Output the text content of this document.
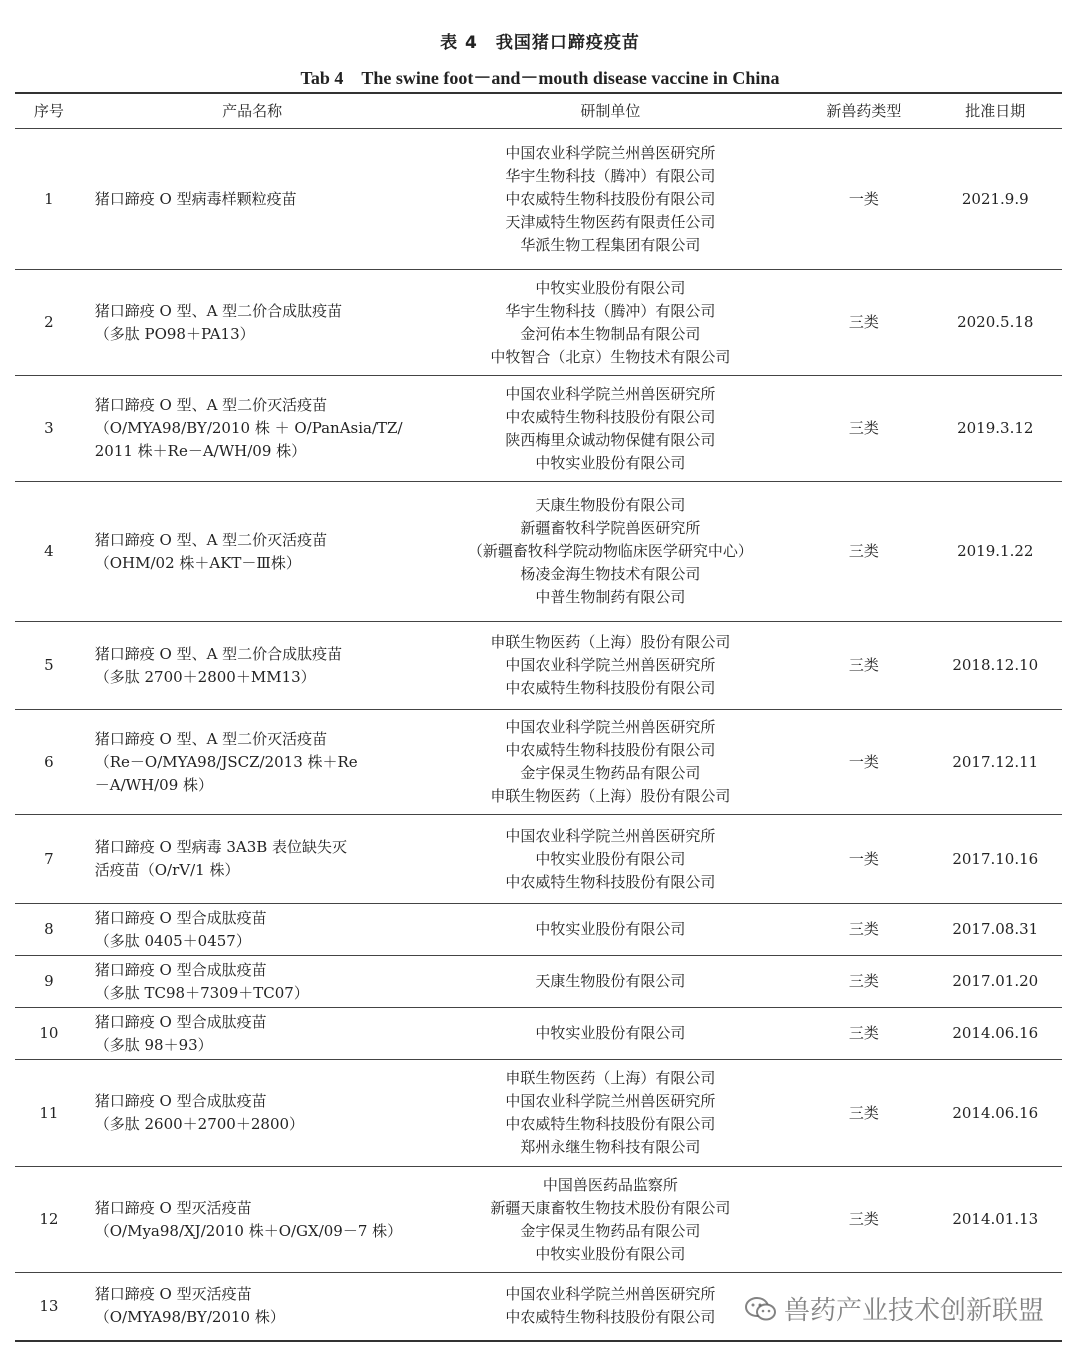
表 4　我国猪口蹄疫疫苗
Tab 4　The swine foot－and－mouth disease vaccine in China
序号	产品名称	研制单位	新兽药类型	批准日期
1	猪口蹄疫 O 型病毒样颗粒疫苗	中国农业科学院兰州兽医研究所
华宇生物科技（腾冲）有限公司
中农威特生物科技股份有限公司
天津威特生物医药有限责任公司
华派生物工程集团有限公司	一类	2021.9.9
2	猪口蹄疫 O 型、A 型二价合成肽疫苗
（多肽 PO98＋PA13）	中牧实业股份有限公司
华宇生物科技（腾冲）有限公司
金河佑本生物制品有限公司
中牧智合（北京）生物技术有限公司	三类	2020.5.18
3	猪口蹄疫 O 型、A 型二价灭活疫苗
（O/MYA98/BY/2010 株 ＋ O/PanAsia/TZ/
2011 株＋Re－A/WH/09 株）	中国农业科学院兰州兽医研究所
中农威特生物科技股份有限公司
陕西梅里众诚动物保健有限公司
中牧实业股份有限公司	三类	2019.3.12
4	猪口蹄疫 O 型、A 型二价灭活疫苗
（OHM/02 株＋AKT－Ⅲ株）	天康生物股份有限公司
新疆畜牧科学院兽医研究所
（新疆畜牧科学院动物临床医学研究中心）
杨凌金海生物技术有限公司
中普生物制药有限公司	三类	2019.1.22
5	猪口蹄疫 O 型、A 型二价合成肽疫苗
（多肽 2700＋2800＋MM13）	申联生物医药（上海）股份有限公司
中国农业科学院兰州兽医研究所
中农威特生物科技股份有限公司	三类	2018.12.10
6	猪口蹄疫 O 型、A 型二价灭活疫苗
（Re－O/MYA98/JSCZ/2013 株＋Re
－A/WH/09 株）	中国农业科学院兰州兽医研究所
中农威特生物科技股份有限公司
金宇保灵生物药品有限公司
申联生物医药（上海）股份有限公司	一类	2017.12.11
7	猪口蹄疫 O 型病毒 3A3B 表位缺失灭
活疫苗（O/rV/1 株）	中国农业科学院兰州兽医研究所
中牧实业股份有限公司
中农威特生物科技股份有限公司	一类	2017.10.16
8	猪口蹄疫 O 型合成肽疫苗
（多肽 0405＋0457）	中牧实业股份有限公司	三类	2017.08.31
9	猪口蹄疫 O 型合成肽疫苗
（多肽 TC98＋7309＋TC07）	天康生物股份有限公司	三类	2017.01.20
10	猪口蹄疫 O 型合成肽疫苗
（多肽 98＋93）	中牧实业股份有限公司	三类	2014.06.16
11	猪口蹄疫 O 型合成肽疫苗
（多肽 2600＋2700＋2800）	申联生物医药（上海）有限公司
中国农业科学院兰州兽医研究所
中农威特生物科技股份有限公司
郑州永继生物科技有限公司	三类	2014.06.16
12	猪口蹄疫 O 型灭活疫苗
（O/Mya98/XJ/2010 株＋O/GX/09－7 株）	中国兽医药品监察所
新疆天康畜牧生物技术股份有限公司
金宇保灵生物药品有限公司
中牧实业股份有限公司	三类	2014.01.13
13	猪口蹄疫 O 型灭活疫苗
（O/MYA98/BY/2010 株）	中国农业科学院兰州兽医研究所
中农威特生物科技股份有限公司		
			兽药产业技术创新联盟
